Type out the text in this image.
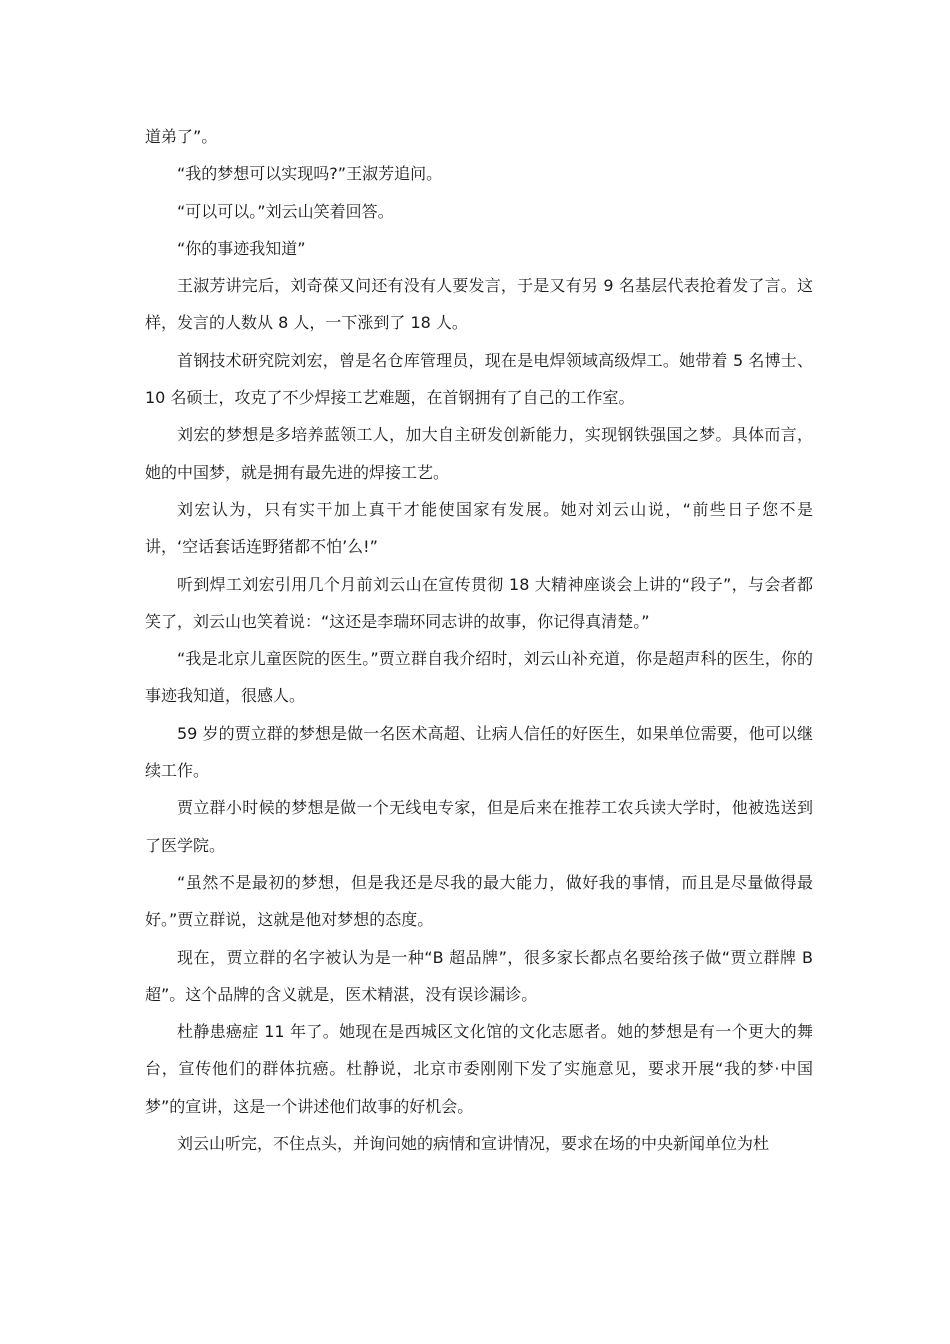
道弟了”。

“我的梦想可以实现吗?”王淑芳追问。

“可以可以。”刘云山笑着回答。

“你的事迹我知道”

王淑芳讲完后，刘奇葆又问还有没有人要发言，于是又有另 9 名基层代表抢着发了言。这样，发言的人数从 8 人，一下涨到了 18 人。

首钢技术研究院刘宏，曾是名仓库管理员，现在是电焊领域高级焊工。她带着 5 名博士、10 名硕士，攻克了不少焊接工艺难题，在首钢拥有了自己的工作室。

刘宏的梦想是多培养蓝领工人，加大自主研发创新能力，实现钢铁强国之梦。具体而言，她的中国梦，就是拥有最先进的焊接工艺。

刘宏认为，只有实干加上真干才能使国家有发展。她对刘云山说，“前些日子您不是讲，‘空话套话连野猪都不怕’么!”

听到焊工刘宏引用几个月前刘云山在宣传贯彻 18 大精神座谈会上讲的“段子”，与会者都笑了，刘云山也笑着说：“这还是李瑞环同志讲的故事，你记得真清楚。”

“我是北京儿童医院的医生。”贾立群自我介绍时，刘云山补充道，你是超声科的医生，你的事迹我知道，很感人。

59 岁的贾立群的梦想是做一名医术高超、让病人信任的好医生，如果单位需要，他可以继续工作。

贾立群小时候的梦想是做一个无线电专家，但是后来在推荐工农兵读大学时，他被选送到了医学院。

“虽然不是最初的梦想，但是我还是尽我的最大能力，做好我的事情，而且是尽量做得最好。”贾立群说，这就是他对梦想的态度。

现在，贾立群的名字被认为是一种“B 超品牌”，很多家长都点名要给孩子做“贾立群牌 B 超”。这个品牌的含义就是，医术精湛，没有误诊漏诊。

杜静患癌症 11 年了。她现在是西城区文化馆的文化志愿者。她的梦想是有一个更大的舞台，宣传他们的群体抗癌。杜静说，北京市委刚刚下发了实施意见，要求开展“我的梦·中国梦”的宣讲，这是一个讲述他们故事的好机会。

刘云山听完，不住点头，并询问她的病情和宣讲情况，要求在场的中央新闻单位为杜
